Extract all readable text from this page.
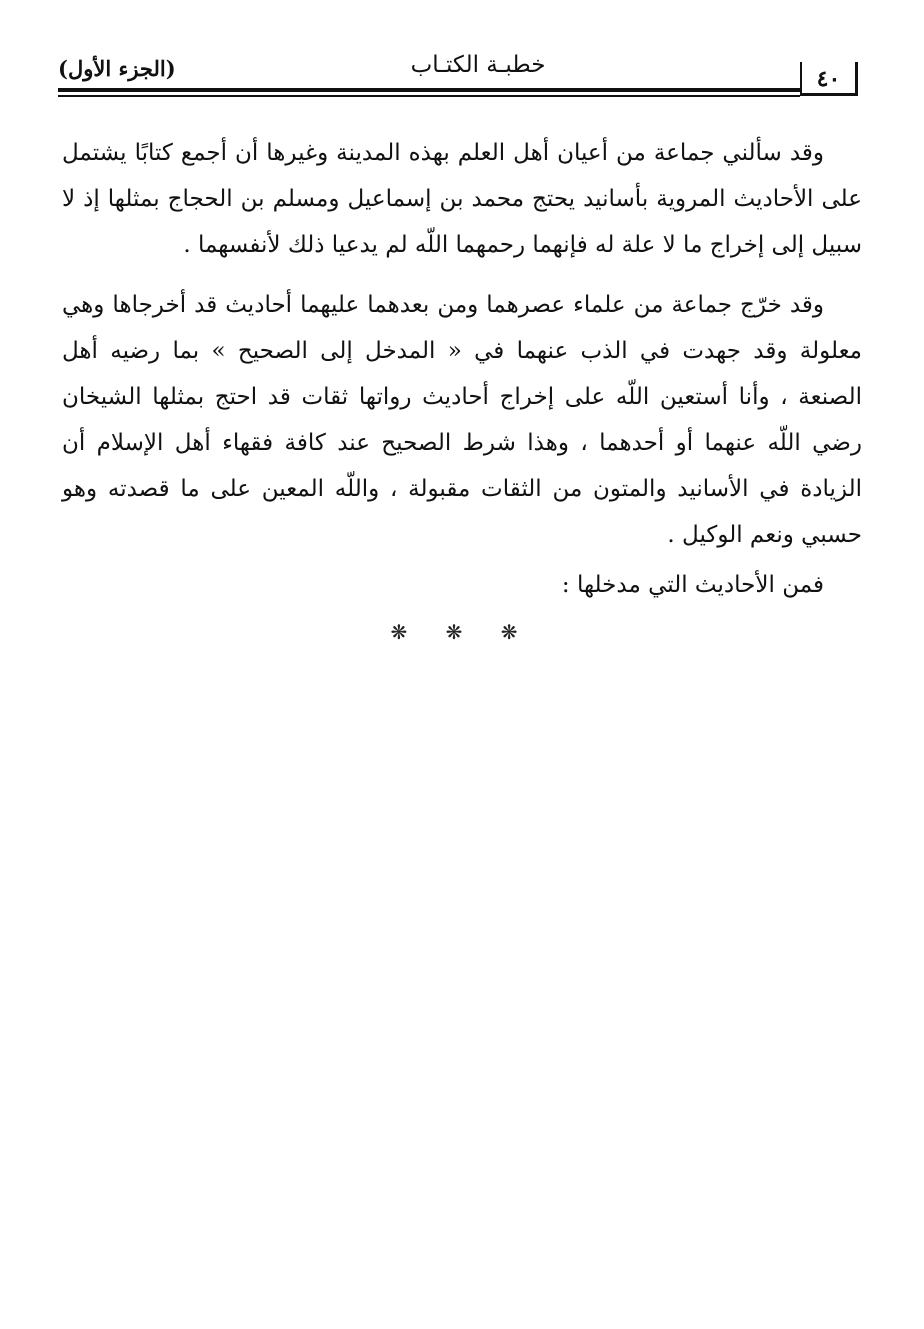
(الجزء الأول)	خطبـة الكتـاب
٤٠

وقد سألني جماعة من أعيان أهل العلم بهذه المدينة وغيرها أن أجمع كتابًا يشتمل على الأحاديث المروية بأسانيد يحتج محمد بن إسماعيل ومسلم بن الحجاج بمثلها إذ لا سبيل إلى إخراج ما لا علة له فإنهما رحمهما اللّه لم يدعيا ذلك لأنفسهما .

وقد خرّج جماعة من علماء عصرهما ومن بعدهما عليهما أحاديث قد أخرجاها وهي معلولة وقد جهدت في الذب عنهما في « المدخل إلى الصحيح » بما رضيه أهل الصنعة ، وأنا أستعين اللّه على إخراج أحاديث رواتها ثقات قد احتج بمثلها الشيخان رضي اللّه عنهما أو أحدهما ، وهذا شرط الصحيح عند كافة فقهاء أهل الإسلام أن الزيادة في الأسانيد والمتون من الثقات مقبولة ، واللّه المعين على ما قصدته وهو حسبي ونعم الوكيل .

فمن الأحاديث التي مدخلها :

❋ ❋ ❋
